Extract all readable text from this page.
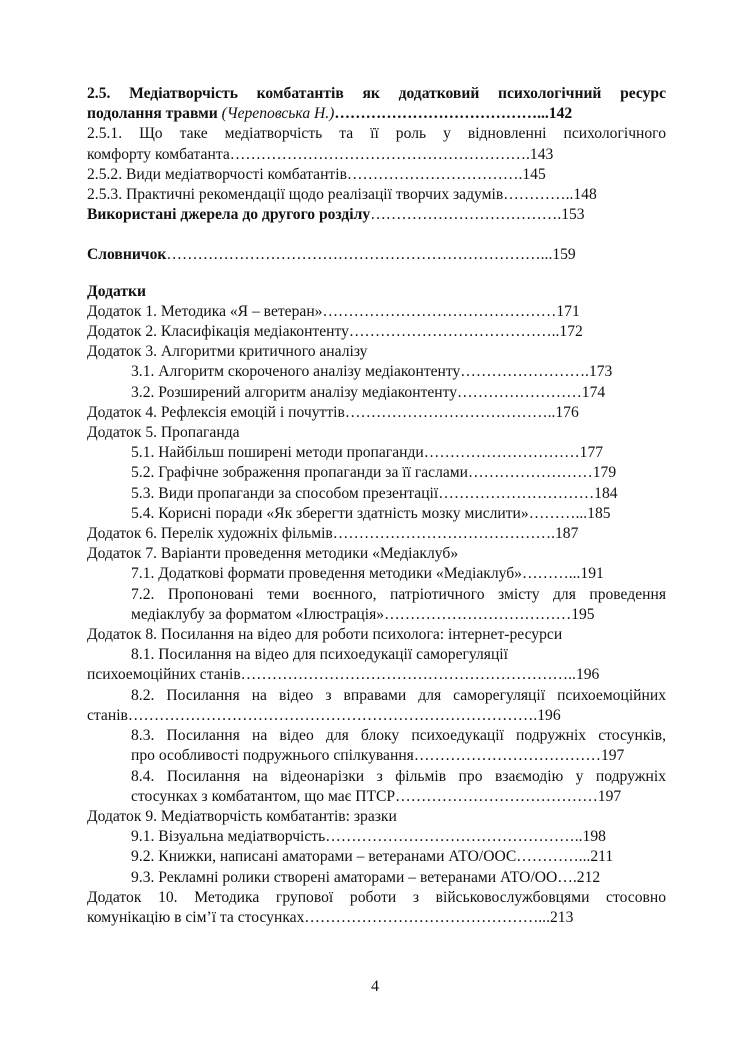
2.5. Медіатворчість комбатантів як додатковий психологічний ресурс
подолання травми (Череповська Н.)…………………………………...142
2.5.1. Що таке медіатворчість та її роль у відновленні психологічного
комфорту комбатанта………………………………………………….143
2.5.2. Види медіатворчості комбатантів…………………………….145
2.5.3. Практичні рекомендації щодо реалізації творчих задумів…………..148
Використані джерела до другого розділу……………………………….153
Словничок………………………………………………………………...159
Додатки
Додаток 1. Методика «Я – ветеран»………………………………………171
Додаток 2. Класифікація медіаконтенту…………………………………..172
Додаток 3. Алгоритми критичного аналізу
3.1. Алгоритм скороченого аналізу медіаконтенту…………………….173
3.2. Розширений алгоритм аналізу медіаконтенту……………………174
Додаток 4. Рефлексія емоцій і почуттів…………………………………..176
Додаток 5. Пропаганда
5.1. Найбільш поширені методи пропаганди…………………………177
5.2. Графічне зображення пропаганди за її гаслами……………………179
5.3. Види пропаганди за способом презентації…………………………184
5.4. Корисні поради «Як зберегти здатність мозку мислити»………...185
Додаток 6. Перелік художніх фільмів…………………………………….187
Додаток 7. Варіанти проведення методики «Медіаклуб»
7.1. Додаткові формати проведення методики «Медіаклуб»………...191
7.2. Пропоновані теми воєнного, патріотичного змісту для проведення
медіаклубу за форматом «Ілюстрація»………………………………195
Додаток 8. Посилання на відео для роботи психолога: інтернет-ресурси
8.1. Посилання на відео для психоедукації саморегуляції
психоемоційних станів………………………………………………………..196
8.2. Посилання на відео з вправами для саморегуляції психоемоційних
станів…………………………………………………………………….196
8.3. Посилання на відео для блоку психоедукації подружніх стосунків,
про особливості подружнього спілкування………………………………197
8.4. Посилання на відеонарізки з фільмів про взаємодію у подружніх
стосунках з комбатантом, що має ПТСР…………………………………197
Додаток 9. Медіатворчість комбатантів: зразки
9.1. Візуальна медіатворчість…………………………………………..198
9.2. Книжки, написані аматорами – ветеранами АТО/ООС…………...211
9.3. Рекламні ролики створені аматорами – ветеранами АТО/ОО….212
Додаток 10. Методика групової роботи з військовослужбовцями стосовно
комунікацію в сім’ї та стосунках………………………………………...213
4
